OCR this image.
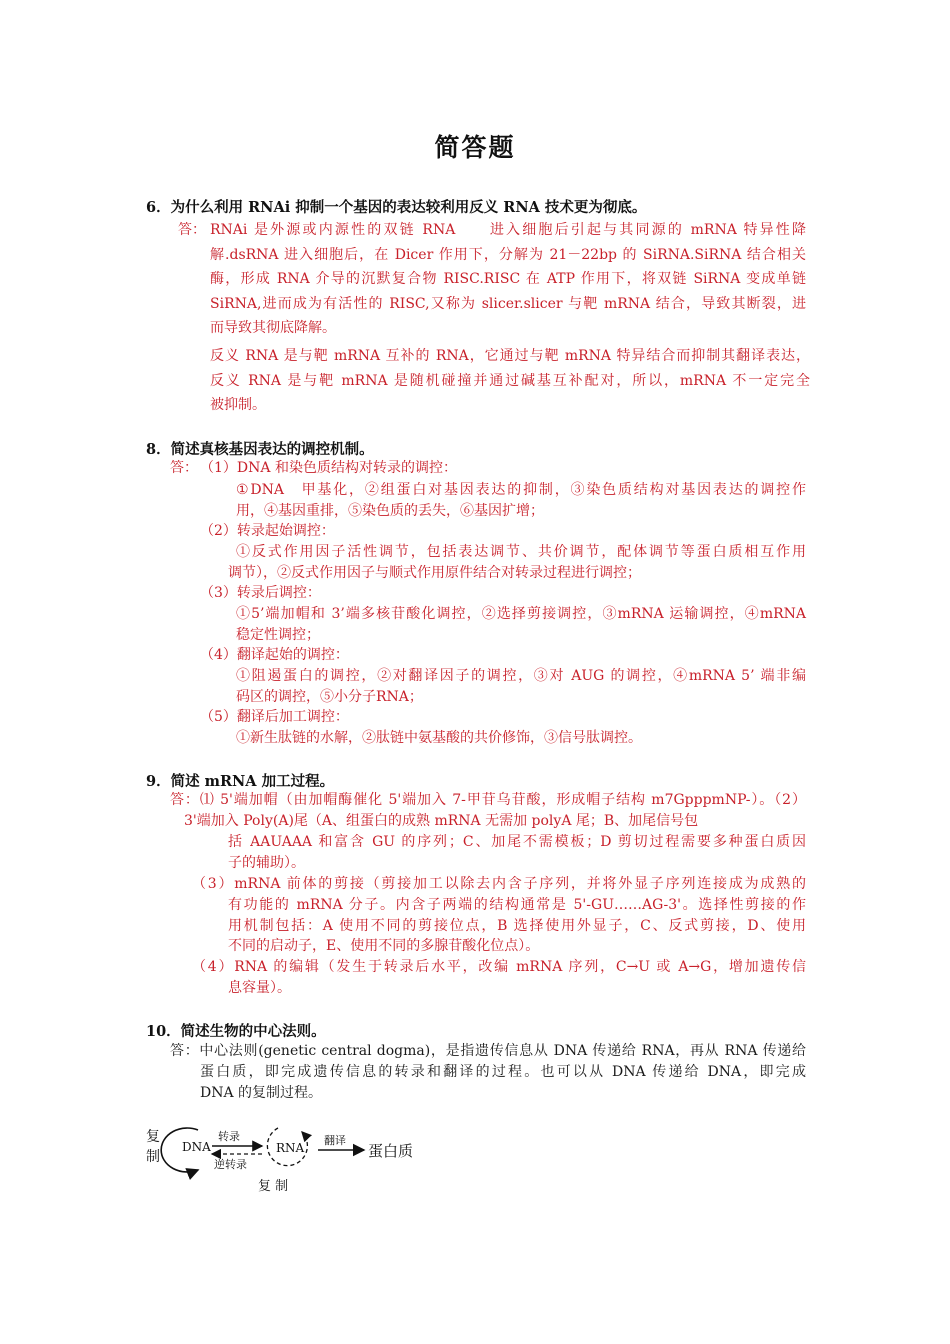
简答题
6．为什么利用 RNAi 抑制一个基因的表达较利用反义 RNA 技术更为彻底。
答： RNAi 是外源或内源性的双链 RNA　　进入细胞后引起与其同源的 mRNA 特异性降
解.dsRNA 进入细胞后，在 Dicer 作用下，分解为 21－22bp 的 SiRNA.SiRNA 结合相关
酶，形成 RNA 介导的沉默复合物 RISC.RISC 在 ATP 作用下，将双链 SiRNA 变成单链
SiRNA,进而成为有活性的 RISC,又称为 slicer.slicer 与靶 mRNA 结合，导致其断裂，进
而导致其彻底降解。
反义 RNA 是与靶 mRNA 互补的 RNA，它通过与靶 mRNA 特异结合而抑制其翻译表达，
反义 RNA 是与靶 mRNA 是随机碰撞并通过碱基互补配对，所以，mRNA 不一定完全
被抑制。
8．简述真核基因表达的调控机制。
答： （1）DNA 和染色质结构对转录的调控：
①DNA　甲基化，②组蛋白对基因表达的抑制，③染色质结构对基因表达的调控作
用，④基因重排，⑤染色质的丢失，⑥基因扩增；
（2）转录起始调控：
①反式作用因子活性调节，包括表达调节、共价调节，配体调节等蛋白质相互作用
调节），②反式作用因子与顺式作用原件结合对转录过程进行调控；
（3）转录后调控：
①5’端加帽和 3’端多核苷酸化调控，②选择剪接调控，③mRNA 运输调控，④mRNA
稳定性调控；
（4）翻译起始的调控：
①阻遏蛋白的调控，②对翻译因子的调控，③对 AUG 的调控，④mRNA 5’ 端非编
码区的调控，⑤小分子RNA；
（5）翻译后加工调控：
①新生肽链的水解，②肽链中氨基酸的共价修饰，③信号肽调控。
9．简述 mRNA 加工过程。
答：⑴ 5'端加帽（由加帽酶催化 5'端加入 7-甲苷乌苷酸，形成帽子结构 m7GpppmNP-）。（2）
3'端加入 Poly(A)尾（A、组蛋白的成熟 mRNA 无需加 polyA 尾；B、加尾信号包
括 AAUAAA 和富含 GU 的序列；C、加尾不需模板；D 剪切过程需要多种蛋白质因
子的辅助）。
（3）mRNA 前体的剪接（剪接加工以除去内含子序列，并将外显子序列连接成为成熟的
有功能的 mRNA 分子。内含子两端的结构通常是 5'-GU……AG-3'。选择性剪接的作
用机制包括：A 使用不同的剪接位点，B 选择使用外显子，C、反式剪接，D、使用
不同的启动子，E、使用不同的多腺苷酸化位点）。
（4）RNA 的编辑（发生于转录后水平，改编 mRNA 序列，C→U 或 A→G，增加遗传信
息容量）。
10．简述生物的中心法则。
答：中心法则(genetic central dogma)，是指遗传信息从 DNA 传递给 RNA，再从 RNA 传递给
蛋白质，即完成遗传信息的转录和翻译的过程。也可以从 DNA 传递给 DNA，即完成
DNA 的复制过程。
复
制
DNA
转录
逆转录
RNA
翻译
蛋白质
复 制
